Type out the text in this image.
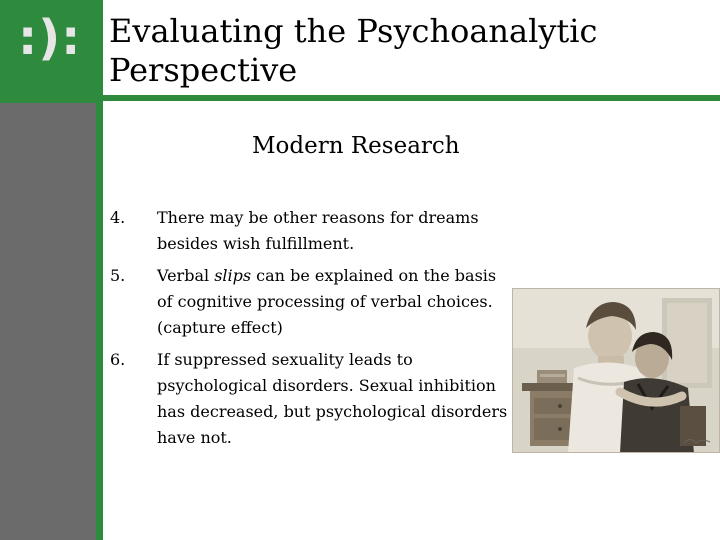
:): Evaluating the Psychoanalytic Perspective
Modern Research
4.	There may be other reasons for dreams besides wish fulfillment.
5.	Verbal slips can be explained on the basis of cognitive processing of verbal choices. (capture effect)
6.	If suppressed sexuality leads to psychological disorders. Sexual inhibition has decreased, but psychological disorders have not.
